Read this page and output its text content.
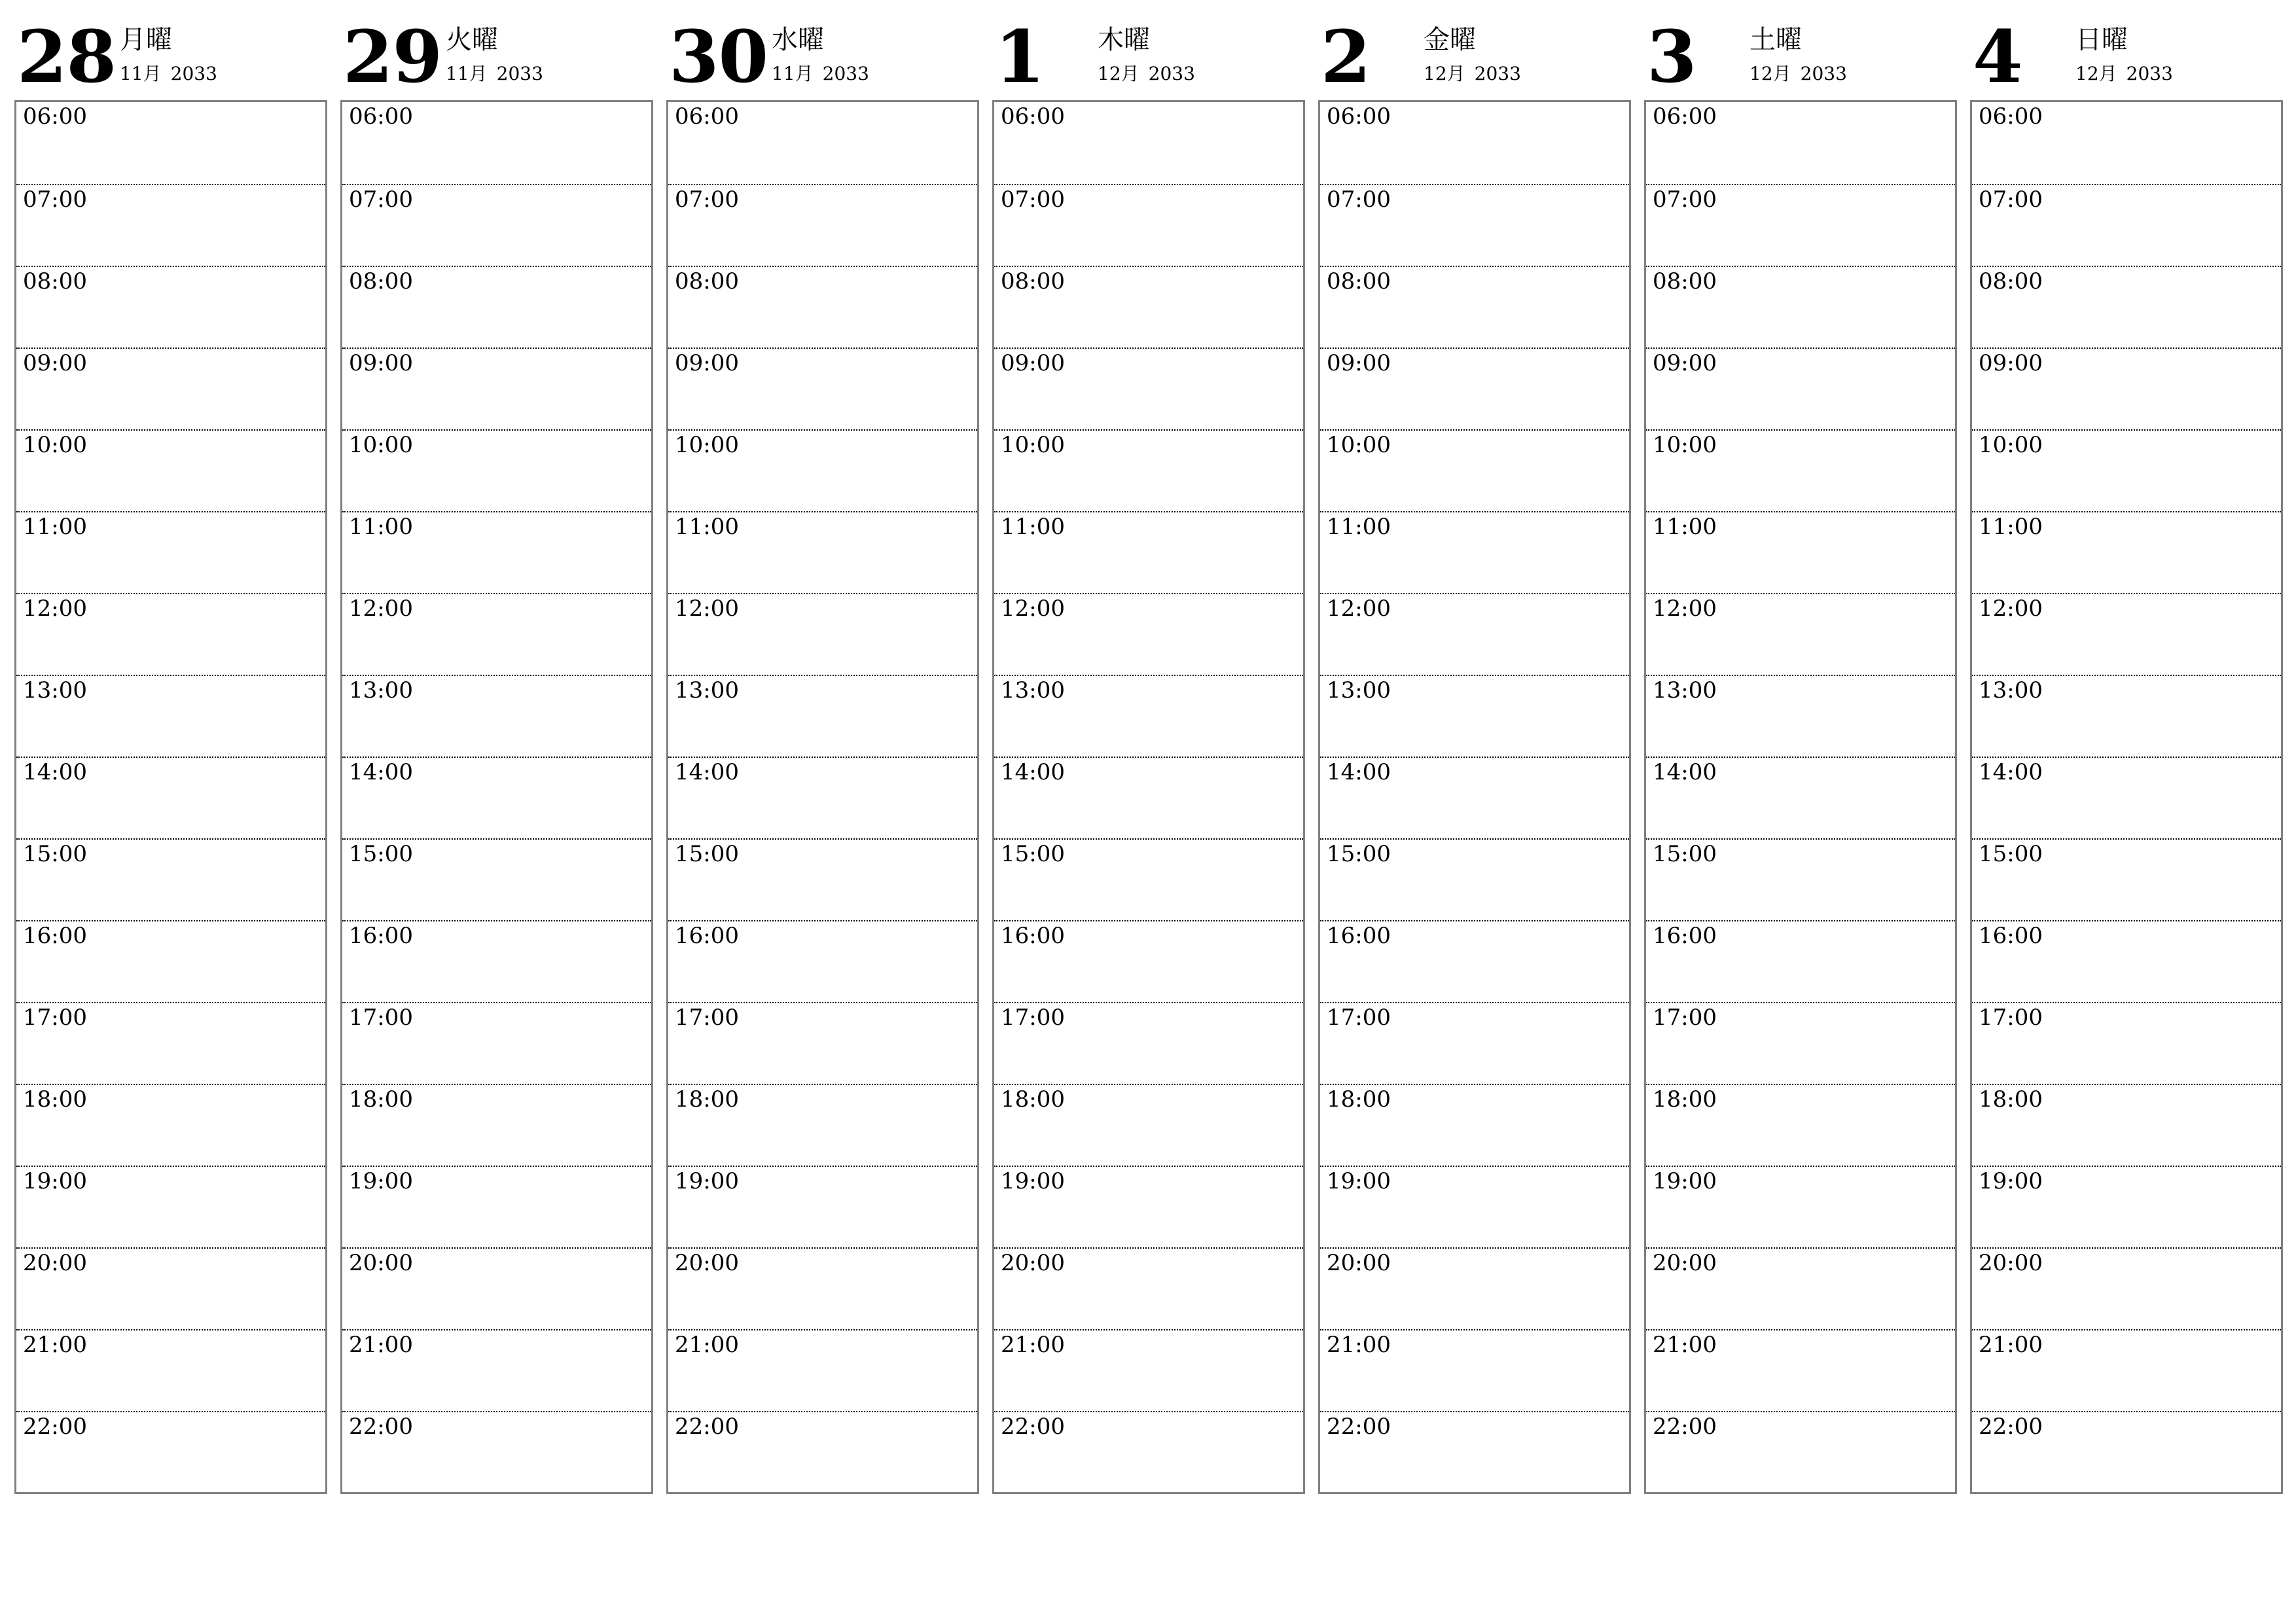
28 月曜
11月 2033
06:00
07:00
08:00
09:00
10:00
11:00
12:00
13:00
14:00
15:00
16:00
17:00
18:00
19:00
20:00
21:00
22:00
29 火曜
11月 2033
06:00
07:00
08:00
09:00
10:00
11:00
12:00
13:00
14:00
15:00
16:00
17:00
18:00
19:00
20:00
21:00
22:00
30 水曜
11月 2033
06:00
07:00
08:00
09:00
10:00
11:00
12:00
13:00
14:00
15:00
16:00
17:00
18:00
19:00
20:00
21:00
22:00
1 木曜
12月 2033
06:00
07:00
08:00
09:00
10:00
11:00
12:00
13:00
14:00
15:00
16:00
17:00
18:00
19:00
20:00
21:00
22:00
2 金曜
12月 2033
06:00
07:00
08:00
09:00
10:00
11:00
12:00
13:00
14:00
15:00
16:00
17:00
18:00
19:00
20:00
21:00
22:00
3 土曜
12月 2033
06:00
07:00
08:00
09:00
10:00
11:00
12:00
13:00
14:00
15:00
16:00
17:00
18:00
19:00
20:00
21:00
22:00
4 日曜
12月 2033
06:00
07:00
08:00
09:00
10:00
11:00
12:00
13:00
14:00
15:00
16:00
17:00
18:00
19:00
20:00
21:00
22:00
